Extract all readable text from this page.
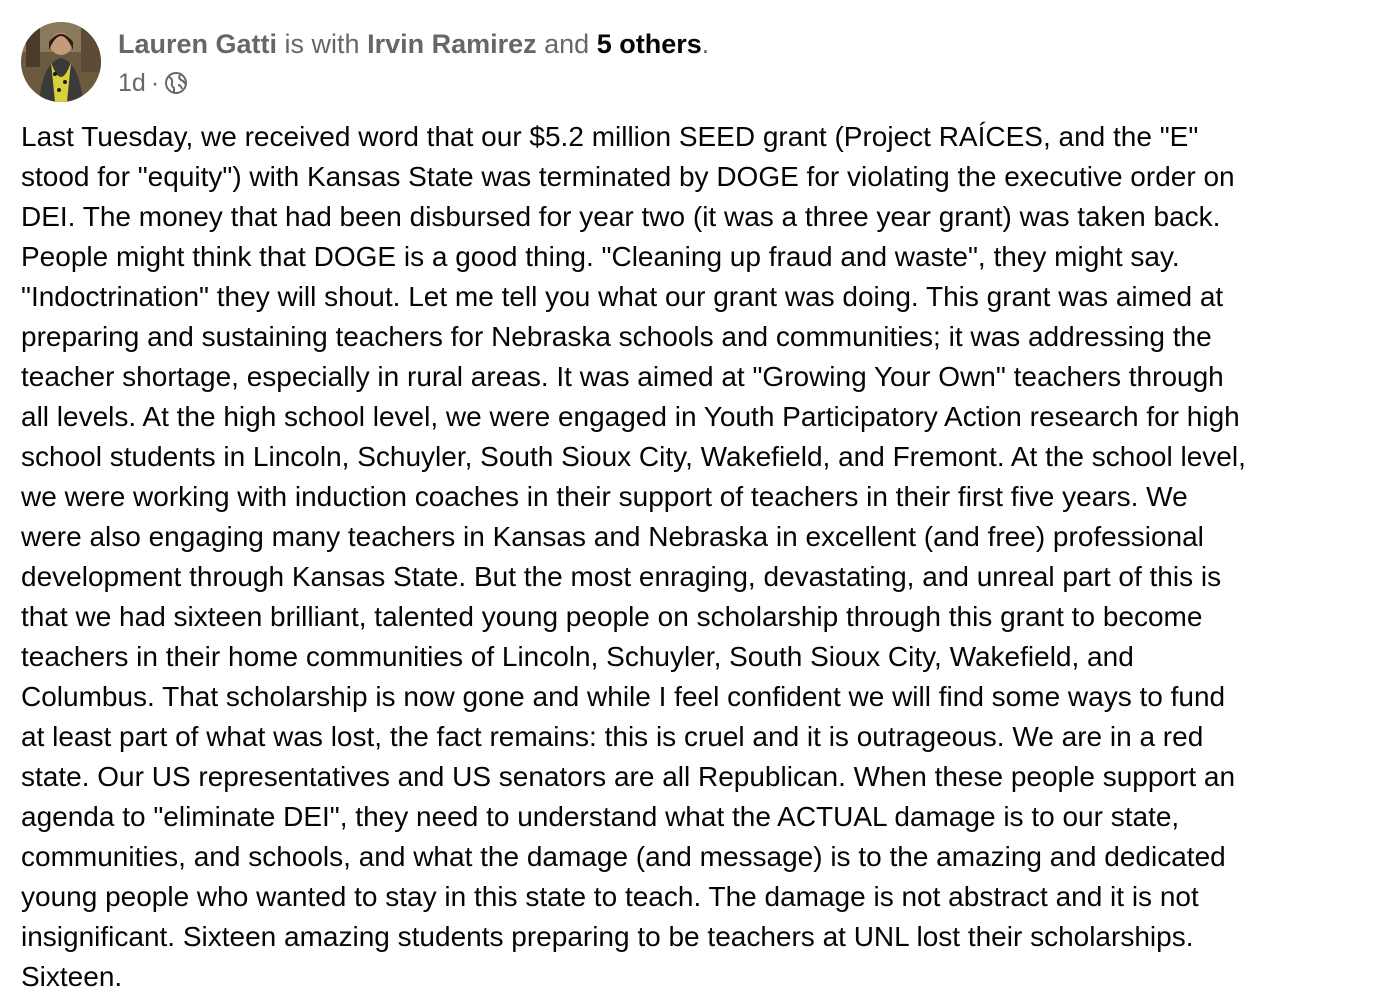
Lauren Gatti is with Irvin Ramirez and 5 others.
1d ·
Last Tuesday, we received word that our $5.2 million SEED grant (Project RAÍCES, and the "E"
stood for "equity") with Kansas State was terminated by DOGE for violating the executive order on
DEI. The money that had been disbursed for year two (it was a three year grant) was taken back.
People might think that DOGE is a good thing. "Cleaning up fraud and waste", they might say.
"Indoctrination" they will shout. Let me tell you what our grant was doing. This grant was aimed at
preparing and sustaining teachers for Nebraska schools and communities; it was addressing the
teacher shortage, especially in rural areas. It was aimed at "Growing Your Own" teachers through
all levels. At the high school level, we were engaged in Youth Participatory Action research for high
school students in Lincoln, Schuyler, South Sioux City, Wakefield, and Fremont. At the school level,
we were working with induction coaches in their support of teachers in their first five years. We
were also engaging many teachers in Kansas and Nebraska in excellent (and free) professional
development through Kansas State. But the most enraging, devastating, and unreal part of this is
that we had sixteen brilliant, talented young people on scholarship through this grant to become
teachers in their home communities of Lincoln, Schuyler, South Sioux City, Wakefield, and
Columbus. That scholarship is now gone and while I feel confident we will find some ways to fund
at least part of what was lost, the fact remains: this is cruel and it is outrageous. We are in a red
state. Our US representatives and US senators are all Republican. When these people support an
agenda to "eliminate DEI", they need to understand what the ACTUAL damage is to our state,
communities, and schools, and what the damage (and message) is to the amazing and dedicated
young people who wanted to stay in this state to teach. The damage is not abstract and it is not
insignificant. Sixteen amazing students preparing to be teachers at UNL lost their scholarships.
Sixteen.
